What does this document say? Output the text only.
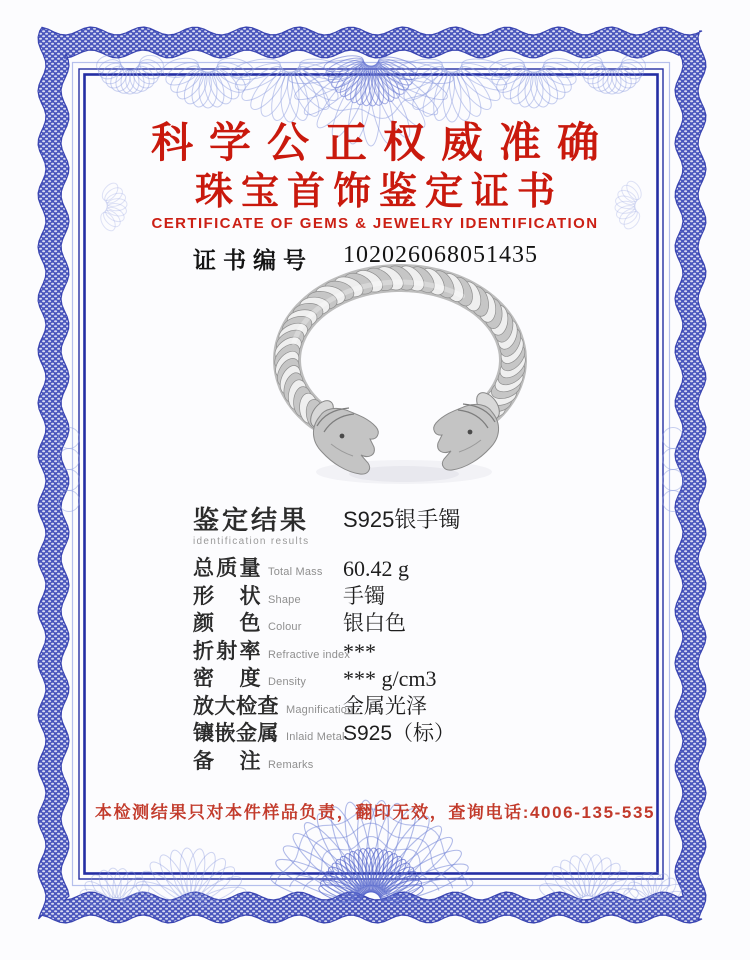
科学公正权威准确
珠宝首饰鉴定证书
CERTIFICATE OF GEMS & JEWELRY IDENTIFICATION
证书编号 102026068051435
鉴定结果
identification results
S925银手镯
总质量 Total Mass 60.42 g
形状 Shape 手镯
颜色 Colour 银白色
折射率 Refractive index
***
密度 Density *** g/cm3
放大检查 Magnification
金属光泽
镶嵌金属 Inlaid Metal
S925（标）
备注 Remarks
本检测结果只对本件样品负责，翻印无效，查询电话:4006-135-535
